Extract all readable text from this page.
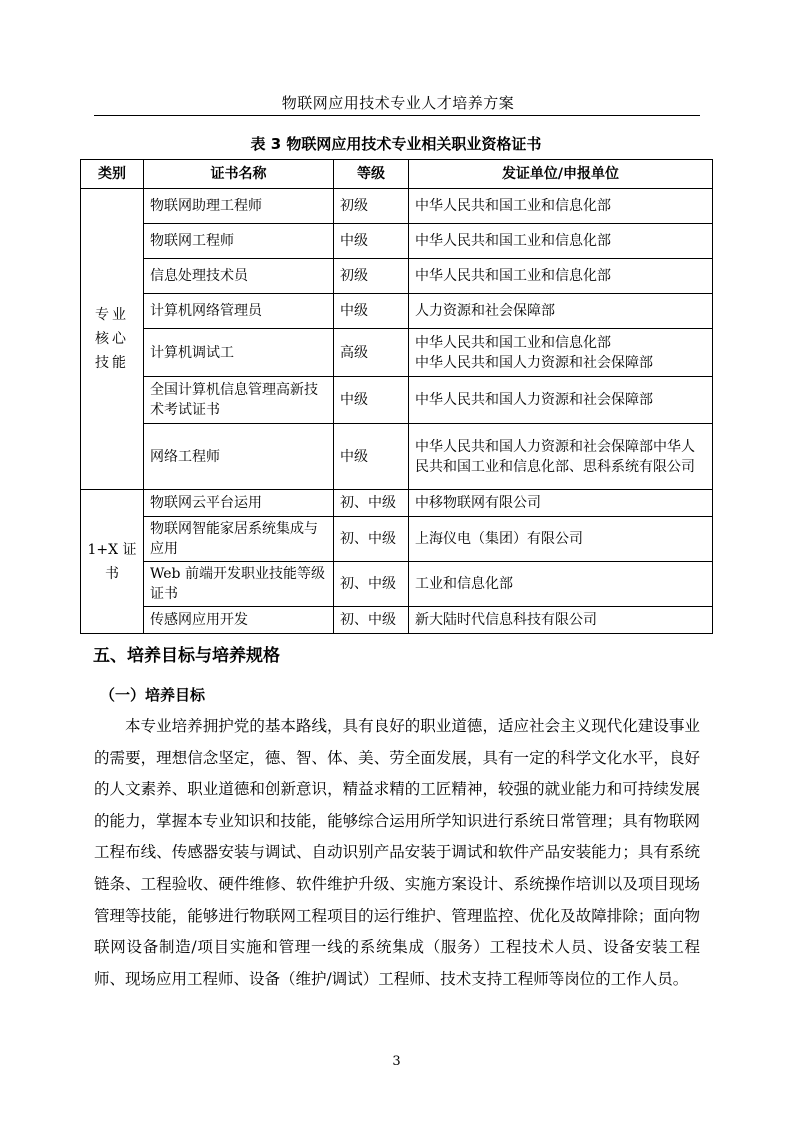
物联网应用技术专业人才培养方案
表 3 物联网应用技术专业相关职业资格证书
类别	证书名称	等级	发证单位/申报单位

专业核心技能	物联网助理工程师	初级	中华人民共和国工业和信息化部
	物联网工程师	中级	中华人民共和国工业和信息化部
	信息处理技术员	初级	中华人民共和国工业和信息化部
	计算机网络管理员	中级	人力资源和社会保障部
	计算机调试工	高级	中华人民共和国工业和信息化部
中华人民共和国人力资源和社会保障部
	全国计算机信息管理高新技术考试证书	中级	中华人民共和国人力资源和社会保障部
	网络工程师	中级	中华人民共和国人力资源和社会保障部中华人民共和国工业和信息化部、思科系统有限公司

1+X 证书	物联网云平台运用	初、中级	中移物联网有限公司
	物联网智能家居系统集成与应用	初、中级	上海仪电（集团）有限公司
	Web 前端开发职业技能等级证书	初、中级	工业和信息化部
	传感网应用开发	初、中级	新大陆时代信息科技有限公司
五、培养目标与培养规格
（一）培养目标

本专业培养拥护党的基本路线，具有良好的职业道德，适应社会主义现代化建设事业的需要，理想信念坚定，德、智、体、美、劳全面发展，具有一定的科学文化水平，良好的人文素养、职业道德和创新意识，精益求精的工匠精神，较强的就业能力和可持续发展的能力，掌握本专业知识和技能，能够综合运用所学知识进行系统日常管理；具有物联网工程布线、传感器安装与调试、自动识别产品安装于调试和软件产品安装能力；具有系统链条、工程验收、硬件维修、软件维护升级、实施方案设计、系统操作培训以及项目现场管理等技能，能够进行物联网工程项目的运行维护、管理监控、优化及故障排除；面向物联网设备制造/项目实施和管理一线的系统集成（服务）工程技术人员、设备安装工程师、现场应用工程师、设备（维护/调试）工程师、技术支持工程师等岗位的工作人员。

3
